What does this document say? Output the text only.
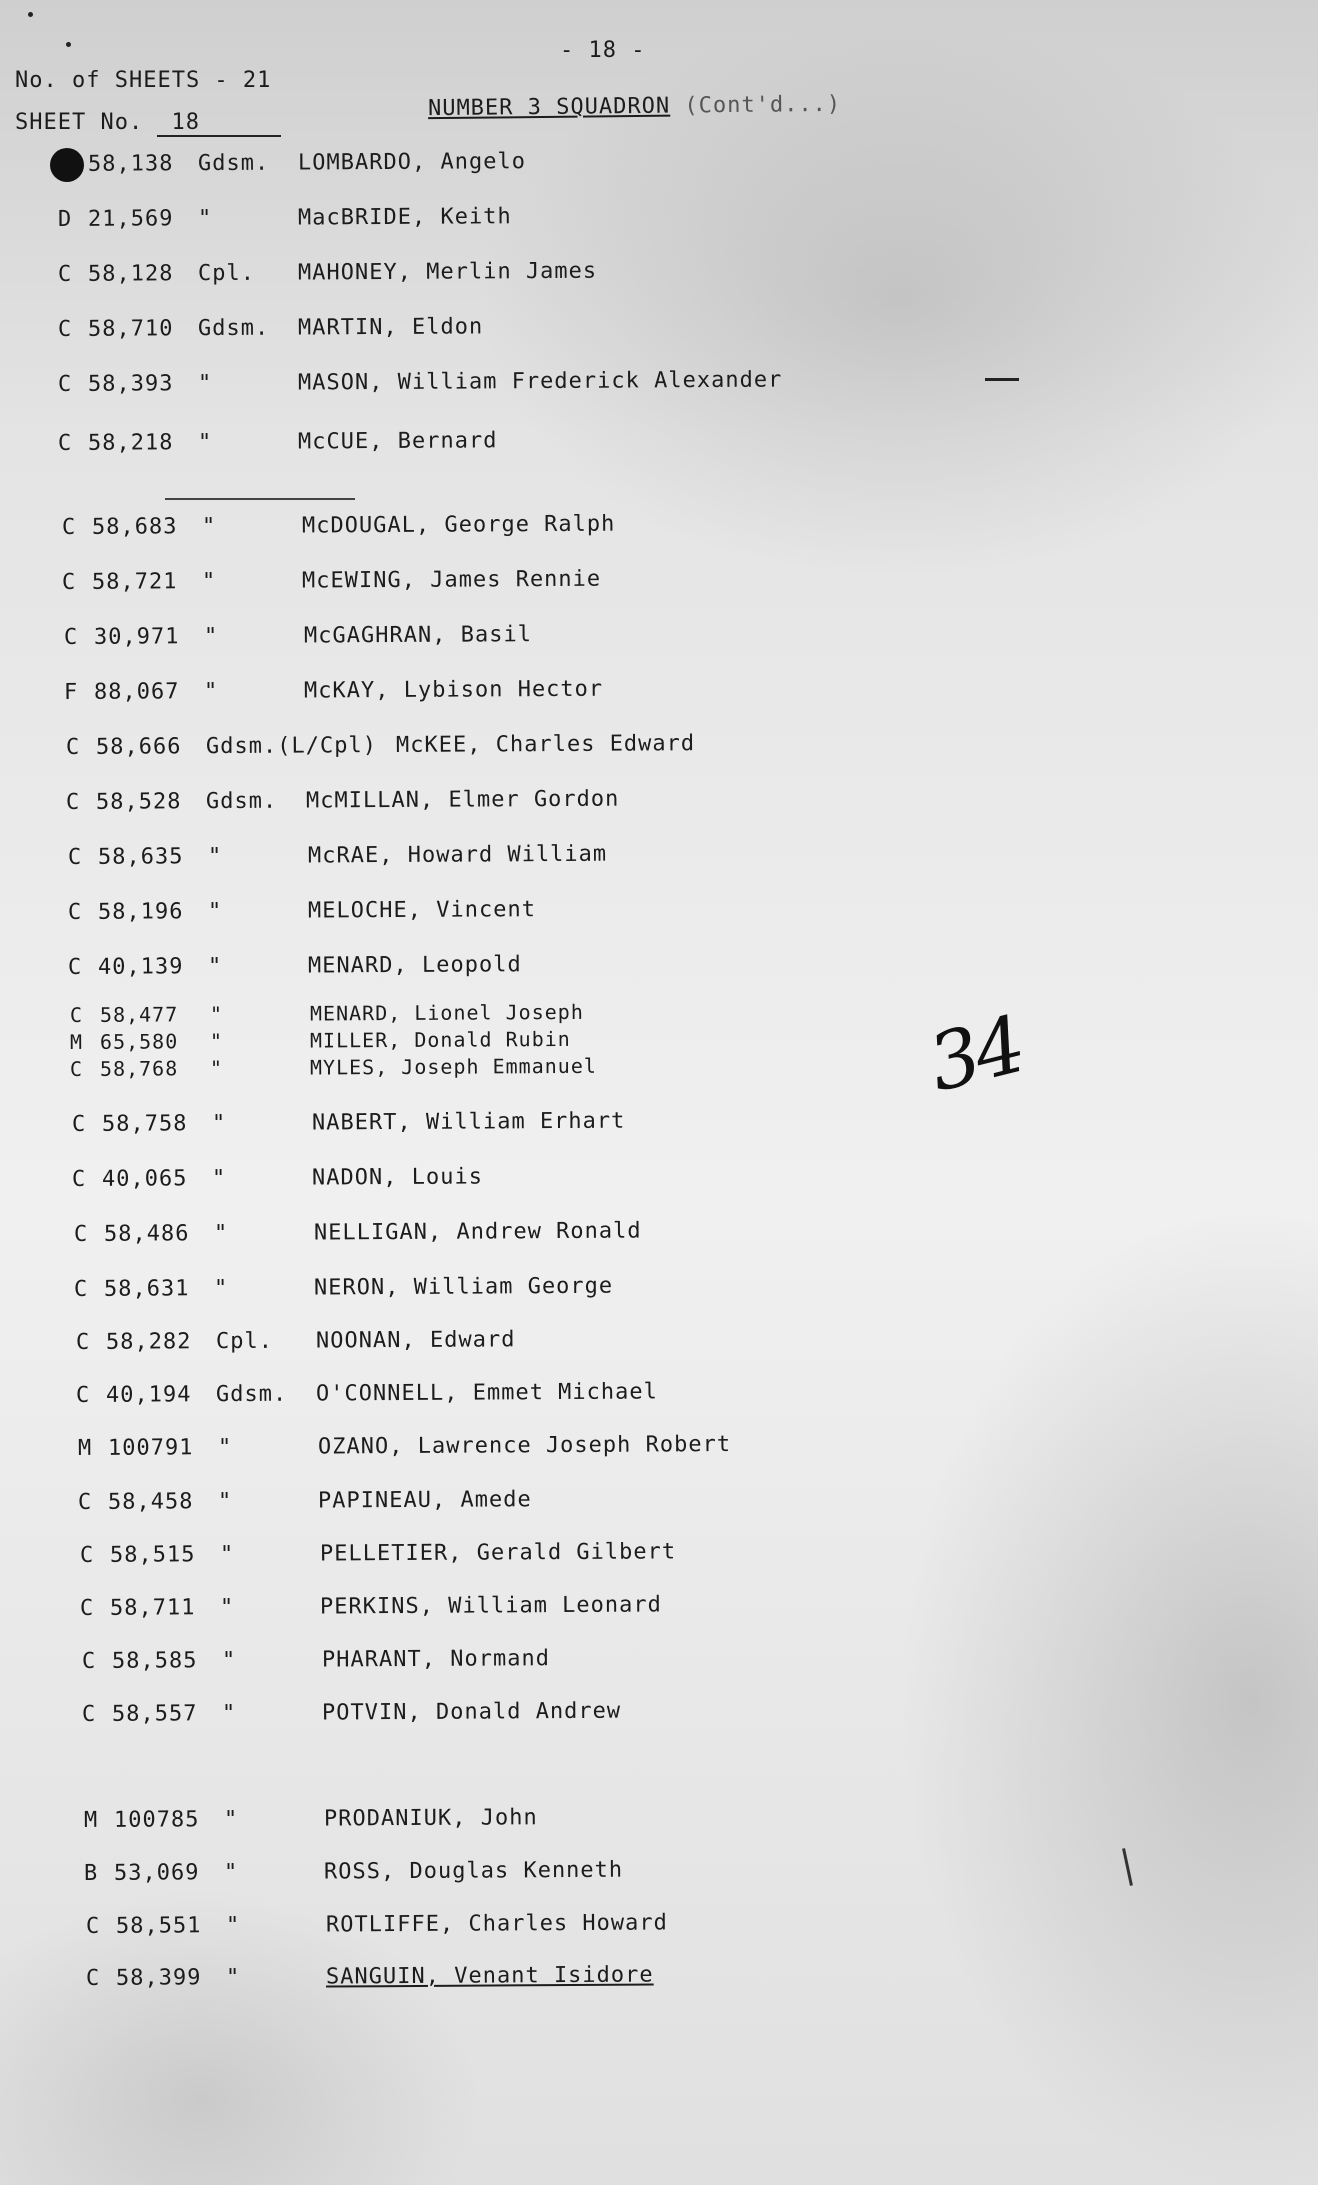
- 18 -
No. of SHEETS - 21
SHEET No. 18
NUMBER 3 SQUADRON (Cont'd...)
58,138 Gdsm. LOMBARDO, Angelo
D 21,569 "	MacBRIDE, Keith
C 58,128 Cpl. MAHONEY, Merlin James
C 58,710 Gdsm. MARTIN, Eldon
C 58,393 "	MASON, William Frederick Alexander
C 58,218 "	McCUE, Bernard
C 58,683 "	McDOUGAL, George Ralph
C 58,721 "	McEWING, James Rennie
C 30,971 "	McGAGHRAN, Basil
F 88,067 "	McKAY, Lybison Hector
C 58,666 Gdsm.(L/Cpl) McKEE, Charles Edward
C 58,528 Gdsm. McMILLAN, Elmer Gordon
C 58,635 "	McRAE, Howard William
C 58,196 "	MELOCHE, Vincent
C 40,139 "	MENARD, Leopold
C 58,477 "	MENARD, Lionel Joseph
M 65,580 "	MILLER, Donald Rubin
C 58,768 "	MYLES, Joseph Emmanuel
C 58,758 "	NABERT, William Erhart
C 40,065 "	NADON, Louis
C 58,486 "	NELLIGAN, Andrew Ronald
C 58,631 "	NERON, William George
C 58,282 Cpl. NOONAN, Edward
C 40,194 Gdsm. O'CONNELL, Emmet Michael
M 100791 "	OZANO, Lawrence Joseph Robert
C 58,458 "	PAPINEAU, Amede
C 58,515 "	PELLETIER, Gerald Gilbert
C 58,711 "	PERKINS, William Leonard
C 58,585 "	PHARANT, Normand
C 58,557 "	POTVIN, Donald Andrew
M 100785 "	PRODANIUK, John
B 53,069 "	ROSS, Douglas Kenneth
C 58,551 "	ROTLIFFE, Charles Howard
C 58,399 "	SANGUIN, Venant Isidore
34
